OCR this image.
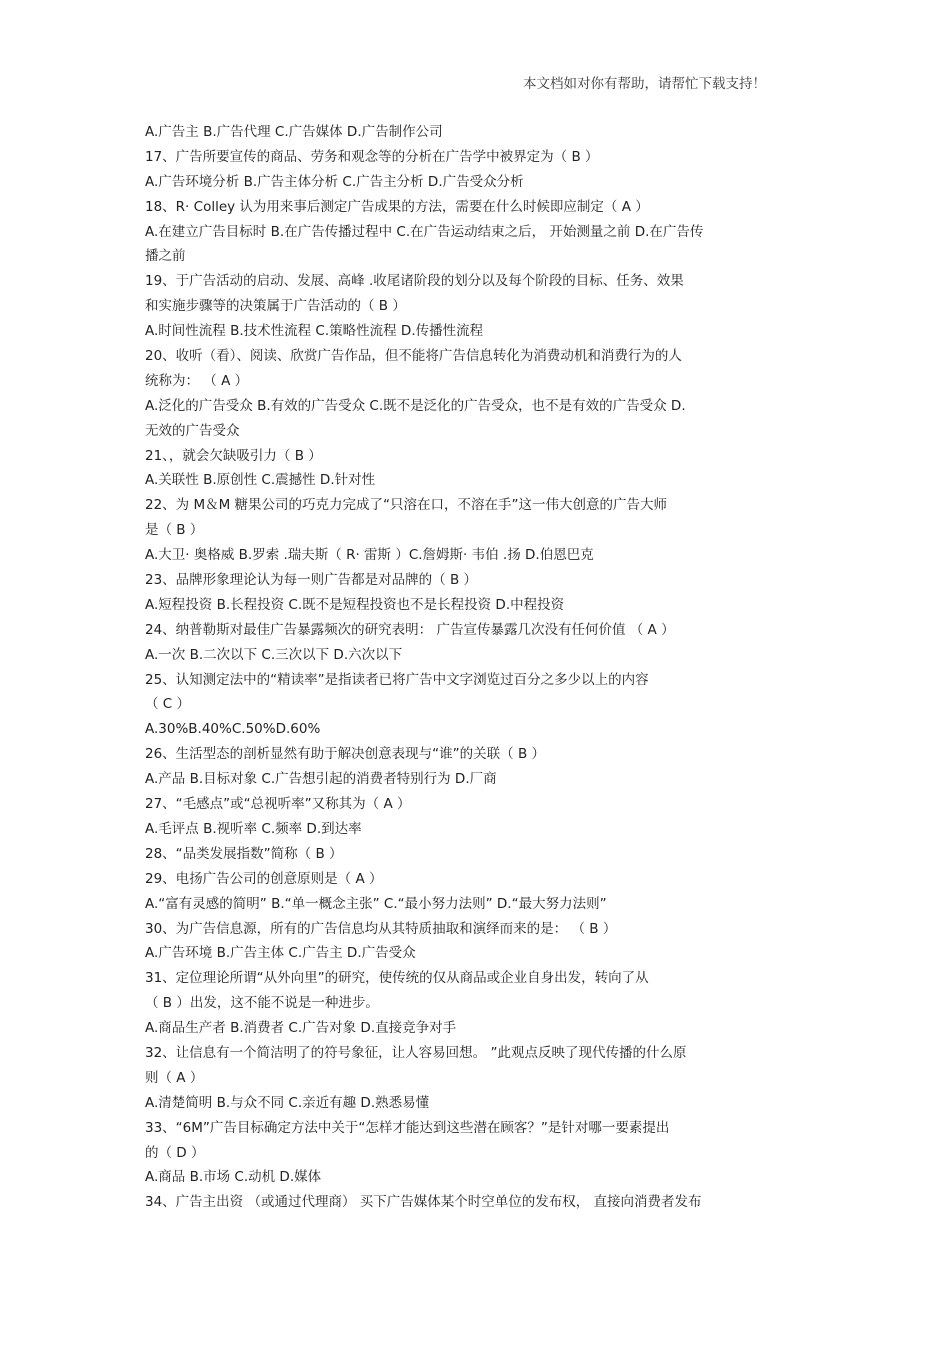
本文档如对你有帮助，请帮忙下载支持！
A.广告主 B.广告代理 C.广告媒体 D.广告制作公司
17、广告所要宣传的商品、劳务和观念等的分析在广告学中被界定为（ B ）
A.广告环境分析 B.广告主体分析 C.广告主分析 D.广告受众分析
18、R· Colley 认为用来事后测定广告成果的方法，需要在什么时候即应制定（ A ）
A.在建立广告目标时 B.在广告传播过程中 C.在广告运动结束之后， 开始测量之前 D.在广告传
播之前
19、于广告活动的启动、发展、高峰 .收尾诸阶段的划分以及每个阶段的目标、任务、效果
和实施步骤等的决策属于广告活动的（ B ）
A.时间性流程 B.技术性流程 C.策略性流程 D.传播性流程
20、收听（看）、阅读、欣赏广告作品，但不能将广告信息转化为消费动机和消费行为的人
统称为： （ A ）
A.泛化的广告受众 B.有效的广告受众 C.既不是泛化的广告受众，也不是有效的广告受众 D.
无效的广告受众
21、，就会欠缺吸引力（ B ）
A.关联性 B.原创性 C.震撼性 D.针对性
22、为 M＆M 糖果公司的巧克力完成了“只溶在口，不溶在手”这一伟大创意的广告大师
是（ B ）
A.大卫· 奥格威 B.罗索 .瑞夫斯（ R· 雷斯 ）C.詹姆斯· 韦伯 .扬 D.伯恩巴克
23、品牌形象理论认为每一则广告都是对品牌的（ B ）
A.短程投资 B.长程投资 C.既不是短程投资也不是长程投资 D.中程投资
24、纳普勒斯对最佳广告暴露频次的研究表明： 广告宣传暴露几次没有任何价值 （ A ）
A.一次 B.二次以下 C.三次以下 D.六次以下
25、认知测定法中的“精读率”是指读者已将广告中文字浏览过百分之多少以上的内容
（ C ）
A.30%B.40%C.50%D.60%
26、生活型态的剖析显然有助于解决创意表现与“谁”的关联（ B ）
A.产品 B.目标对象 C.广告想引起的消费者特别行为 D.厂商
27、“毛感点”或“总视听率”又称其为（ A ）
A.毛评点 B.视听率 C.频率 D.到达率
28、“品类发展指数”简称（ B ）
29、电扬广告公司的创意原则是（ A ）
A.“富有灵感的简明” B.“单一概念主张” C.“最小努力法则” D.“最大努力法则”
30、为广告信息源，所有的广告信息均从其特质抽取和演绎而来的是： （ B ）
A.广告环境 B.广告主体 C.广告主 D.广告受众
31、定位理论所谓“从外向里”的研究，使传统的仅从商品或企业自身出发，转向了从
（ B ）出发，这不能不说是一种进步。
A.商品生产者 B.消费者 C.广告对象 D.直接竞争对手
32、让信息有一个简洁明了的符号象征，让人容易回想。 ”此观点反映了现代传播的什么原
则（ A ）
A.清楚简明 B.与众不同 C.亲近有趣 D.熟悉易懂
33、“6M”广告目标确定方法中关于“怎样才能达到这些潜在顾客？”是针对哪一要素提出
的（ D ）
A.商品 B.市场 C.动机 D.媒体
34、广告主出资 （或通过代理商） 买下广告媒体某个时空单位的发布权， 直接向消费者发布
